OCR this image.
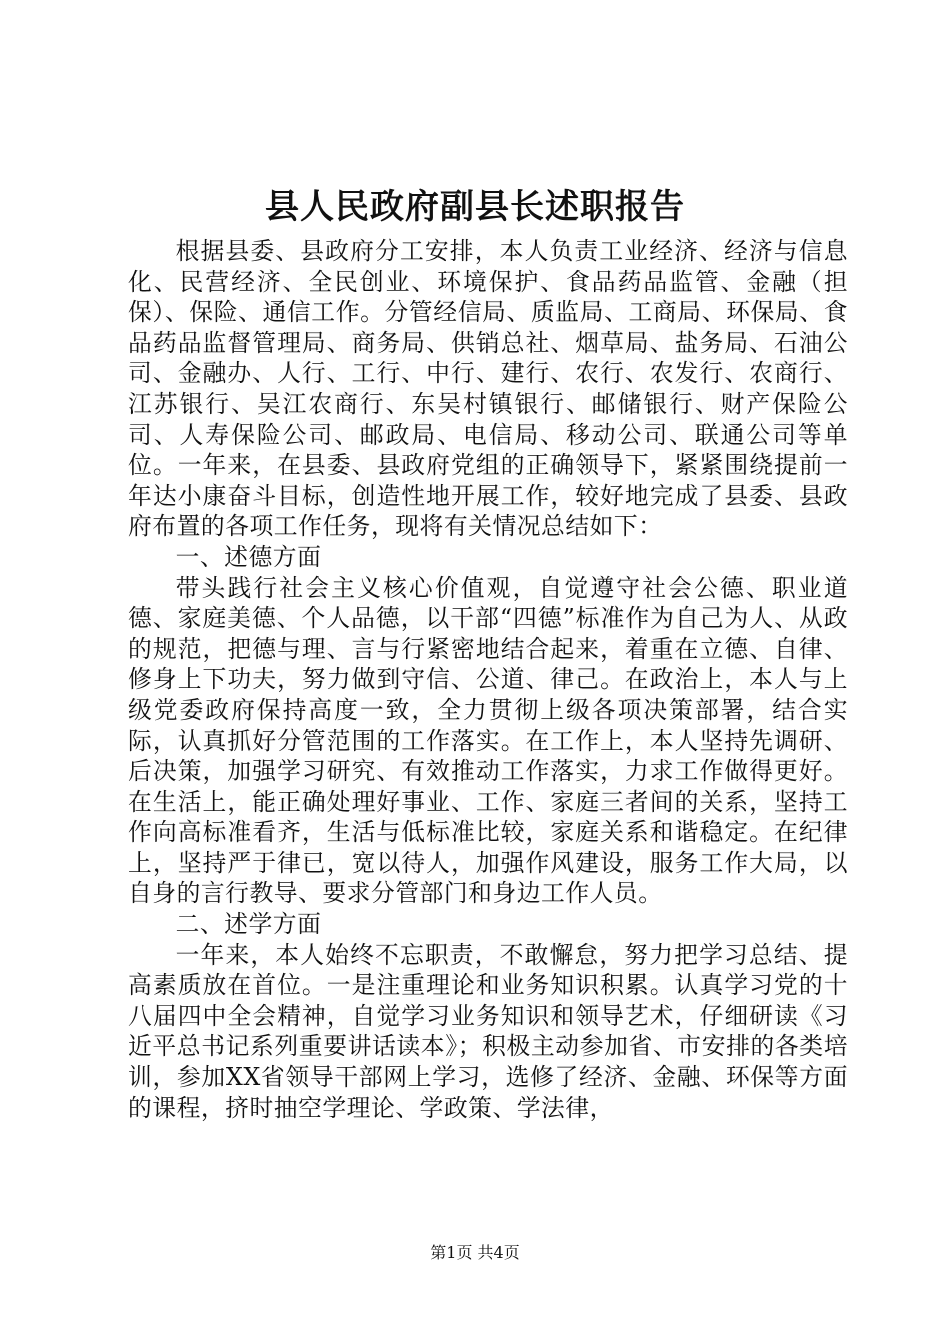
县人民政府副县长述职报告

根据县委、县政府分工安排，本人负责工业经济、经济与信息化、民营经济、全民创业、环境保护、食品药品监管、金融（担保）、保险、通信工作。分管经信局、质监局、工商局、环保局、食品药品监督管理局、商务局、供销总社、烟草局、盐务局、石油公司、金融办、人行、工行、中行、建行、农行、农发行、农商行、江苏银行、吴江农商行、东吴村镇银行、邮储银行、财产保险公司、人寿保险公司、邮政局、电信局、移动公司、联通公司等单位。一年来，在县委、县政府党组的正确领导下，紧紧围绕提前一年达小康奋斗目标，创造性地开展工作，较好地完成了县委、县政府布置的各项工作任务，现将有关情况总结如下：

一、述德方面

带头践行社会主义核心价值观，自觉遵守社会公德、职业道德、家庭美德、个人品德，以干部“四德”标准作为自己为人、从政的规范，把德与理、言与行紧密地结合起来，着重在立德、自律、修身上下功夫，努力做到守信、公道、律己。在政治上，本人与上级党委政府保持高度一致，全力贯彻上级各项决策部署，结合实际，认真抓好分管范围的工作落实。在工作上，本人坚持先调研、后决策，加强学习研究、有效推动工作落实，力求工作做得更好。在生活上，能正确处理好事业、工作、家庭三者间的关系，坚持工作向高标准看齐，生活与低标准比较，家庭关系和谐稳定。在纪律上，坚持严于律已，宽以待人，加强作风建设，服务工作大局，以自身的言行教导、要求分管部门和身边工作人员。

二、述学方面

一年来，本人始终不忘职责，不敢懈怠，努力把学习总结、提高素质放在首位。一是注重理论和业务知识积累。认真学习党的十八届四中全会精神，自觉学习业务知识和领导艺术，仔细研读《习近平总书记系列重要讲话读本》；积极主动参加省、市安排的各类培训，参加XX省领导干部网上学习，选修了经济、金融、环保等方面的课程，挤时抽空学理论、学政策、学法律，

第1页 共4页
